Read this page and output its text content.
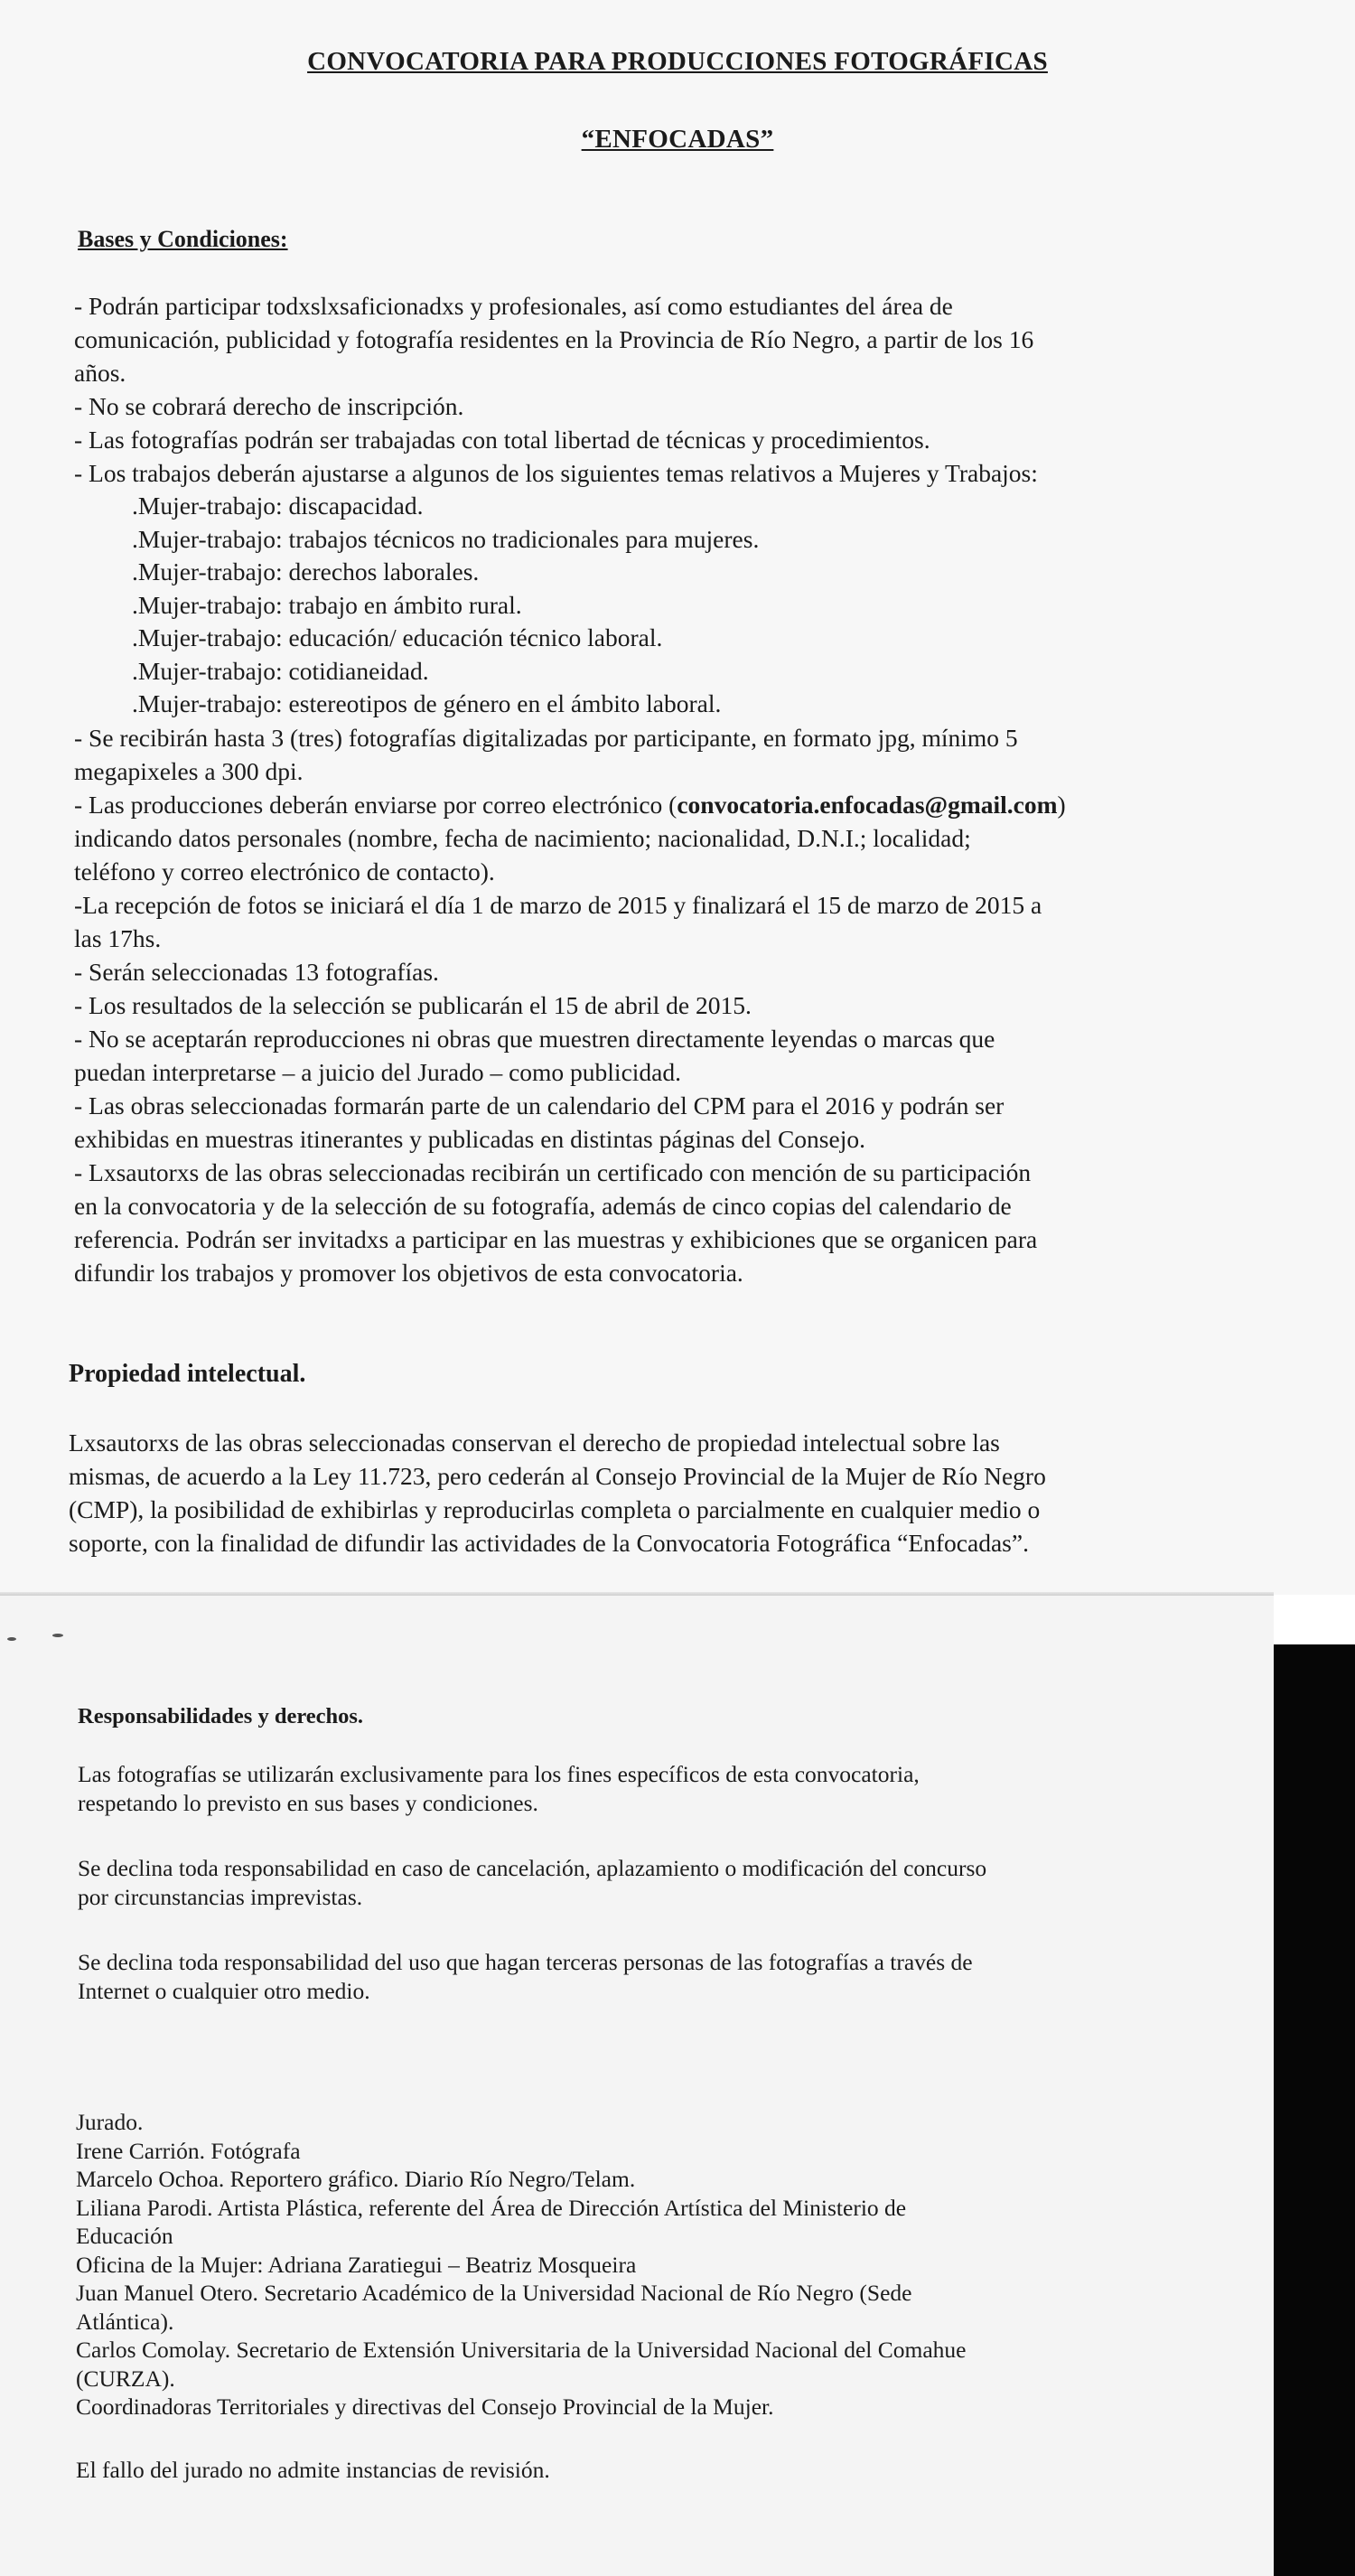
CONVOCATORIA PARA PRODUCCIONES FOTOGRÁFICAS
“ENFOCADAS”
Bases y Condiciones:
- Podrán participar todxslxsaficionadxs y profesionales, así como estudiantes del área de
comunicación, publicidad y fotografía residentes en la Provincia de Río Negro, a partir de los 16
años.
- No se cobrará derecho de inscripción.
- Las fotografías podrán ser trabajadas con total libertad de técnicas y procedimientos.
- Los trabajos deberán ajustarse a algunos de los siguientes temas relativos a Mujeres y Trabajos:
.Mujer-trabajo: discapacidad.
.Mujer-trabajo: trabajos técnicos no tradicionales para mujeres.
.Mujer-trabajo: derechos laborales.
.Mujer-trabajo: trabajo en ámbito rural.
.Mujer-trabajo: educación/ educación técnico laboral.
.Mujer-trabajo: cotidianeidad.
.Mujer-trabajo: estereotipos de género en el ámbito laboral.
- Se recibirán hasta 3 (tres) fotografías digitalizadas por participante, en formato jpg, mínimo 5
megapixeles a 300 dpi.
- Las producciones deberán enviarse por correo electrónico (convocatoria.enfocadas@gmail.com)
indicando datos personales (nombre, fecha de nacimiento; nacionalidad, D.N.I.; localidad;
teléfono y correo electrónico de contacto).
-La recepción de fotos se iniciará el día 1 de marzo de 2015 y finalizará el 15 de marzo de 2015 a
las 17hs.
- Serán seleccionadas 13 fotografías.
- Los resultados de la selección se publicarán el 15 de abril de 2015.
- No se aceptarán reproducciones ni obras que muestren directamente leyendas o marcas que
puedan interpretarse – a juicio del Jurado – como publicidad.
- Las obras seleccionadas formarán parte de un calendario del CPM para el 2016 y podrán ser
exhibidas en muestras itinerantes y publicadas en distintas páginas del Consejo.
- Lxsautorxs de las obras seleccionadas recibirán un certificado con mención de su participación
en la convocatoria y de la selección de su fotografía, además de cinco copias del calendario de
referencia. Podrán ser invitadxs a participar en las muestras y exhibiciones que se organicen para
difundir los trabajos y promover los objetivos de esta convocatoria.
Propiedad intelectual.
Lxsautorxs de las obras seleccionadas conservan el derecho de propiedad intelectual sobre las
mismas, de acuerdo a la Ley 11.723, pero cederán al Consejo Provincial de la Mujer de Río Negro
(CMP), la posibilidad de exhibirlas y reproducirlas completa o parcialmente en cualquier medio o
soporte, con la finalidad de difundir las actividades de la Convocatoria Fotográfica “Enfocadas”.
Responsabilidades y derechos.
Las fotografías se utilizarán exclusivamente para los fines específicos de esta convocatoria,
respetando lo previsto en sus bases y condiciones.
Se declina toda responsabilidad en caso de cancelación, aplazamiento o modificación del concurso
por circunstancias imprevistas.
Se declina toda responsabilidad del uso que hagan terceras personas de las fotografías a través de
Internet o cualquier otro medio.
Jurado.
Irene Carrión. Fotógrafa
Marcelo Ochoa. Reportero gráfico. Diario Río Negro/Telam.
Liliana Parodi. Artista Plástica, referente del Área de Dirección Artística del Ministerio de
Educación
Oficina de la Mujer: Adriana Zaratiegui – Beatriz Mosqueira
Juan Manuel Otero. Secretario Académico de la Universidad Nacional de Río Negro (Sede
Atlántica).
Carlos Comolay. Secretario de Extensión Universitaria de la Universidad Nacional del Comahue
(CURZA).
Coordinadoras Territoriales y directivas del Consejo Provincial de la Mujer.
El fallo del jurado no admite instancias de revisión.
